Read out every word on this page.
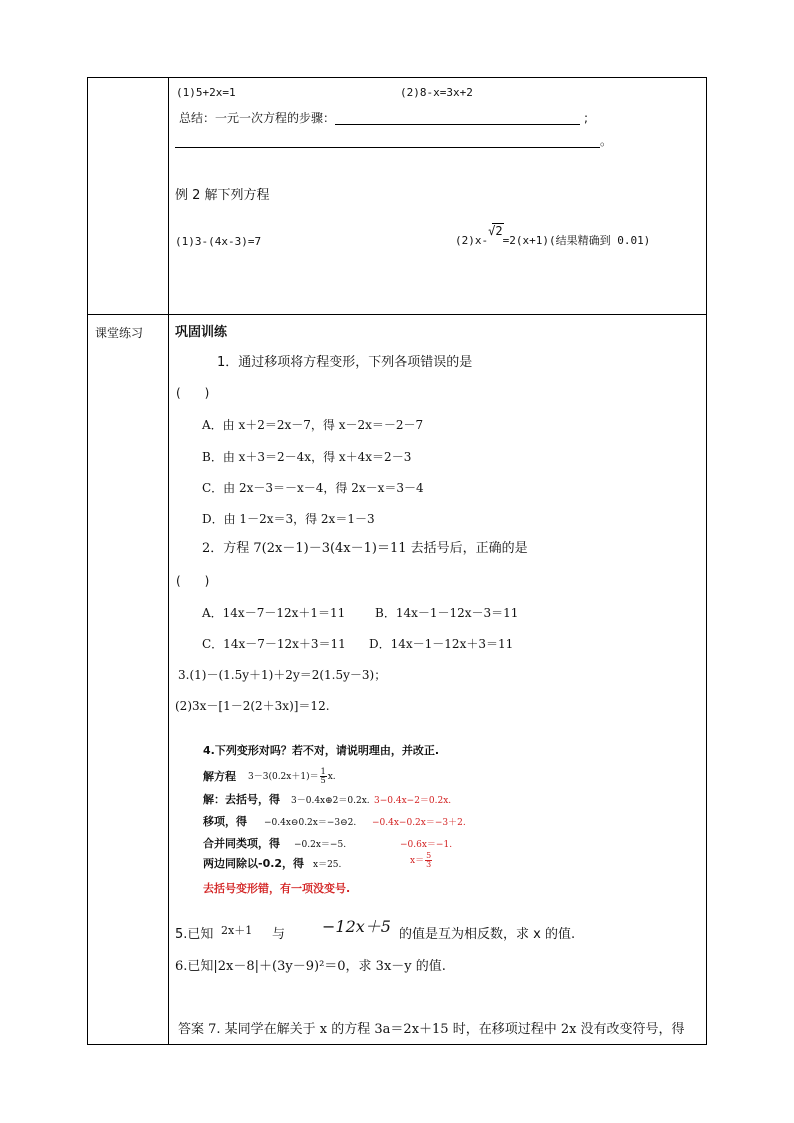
(1)5+2x=1	(2)8-x=3x+2
总结：一元一次方程的步骤：	;
。
例 2 解下列方程
(1)3-(4x-3)=7	(2)x-√
2=2(x+1)(结果精确到 0.01)
课堂练习 巩固训练
1．通过移项将方程变形，下列各项错误的是
(　　)
A．由 x＋2＝2x－7，得 x－2x＝－2－7
B．由 x＋3＝2－4x，得 x＋4x＝2－3
C．由 2x－3＝－x－4，得 2x－x＝3－4
D．由 1－2x＝3，得 2x＝1－3
2．方程 7(2x－1)－3(4x－1)＝11 去括号后，正确的是
(　　)
A．14x－7－12x＋1＝11 B．14x－1－12x－3＝11
C．14x－7－12x＋3＝11 D．14x－1－12x＋3＝11
3.(1)－(1.5y＋1)＋2y＝2(1.5y－3)；
(2)3x－[1－2(2＋3x)]＝12.
4.下列变形对吗？若不对，请说明理由，并改正.
解方程 $3-3(0.2x+1)= \frac{1}{5} x$.
解：去括号，得 3－0.4x⊕2＝0.2x. 3−0.4x−2＝0.2x.
移项，得 −0.4x⊖0.2x＝−3⊖2. −0.4x−0.2x＝−3＋2.
合并同类项，得 −0.2x＝−5.	−0.6x＝−1.
两边同除以-0.2，得 x＝25.	$x= \frac{5}{3}$
去括号变形错，有一项没变号.
5.已知 2x＋1 与 −12x＋5 的值是互为相反数，求 x 的值.
6.已知|2x－8|＋(3y－9)²＝0，求 3x－y 的值.
答案 7. 某同学在解关于 x 的方程 3a＝2x＋15 时，在移项过程中 2x 没有改变符号，得
